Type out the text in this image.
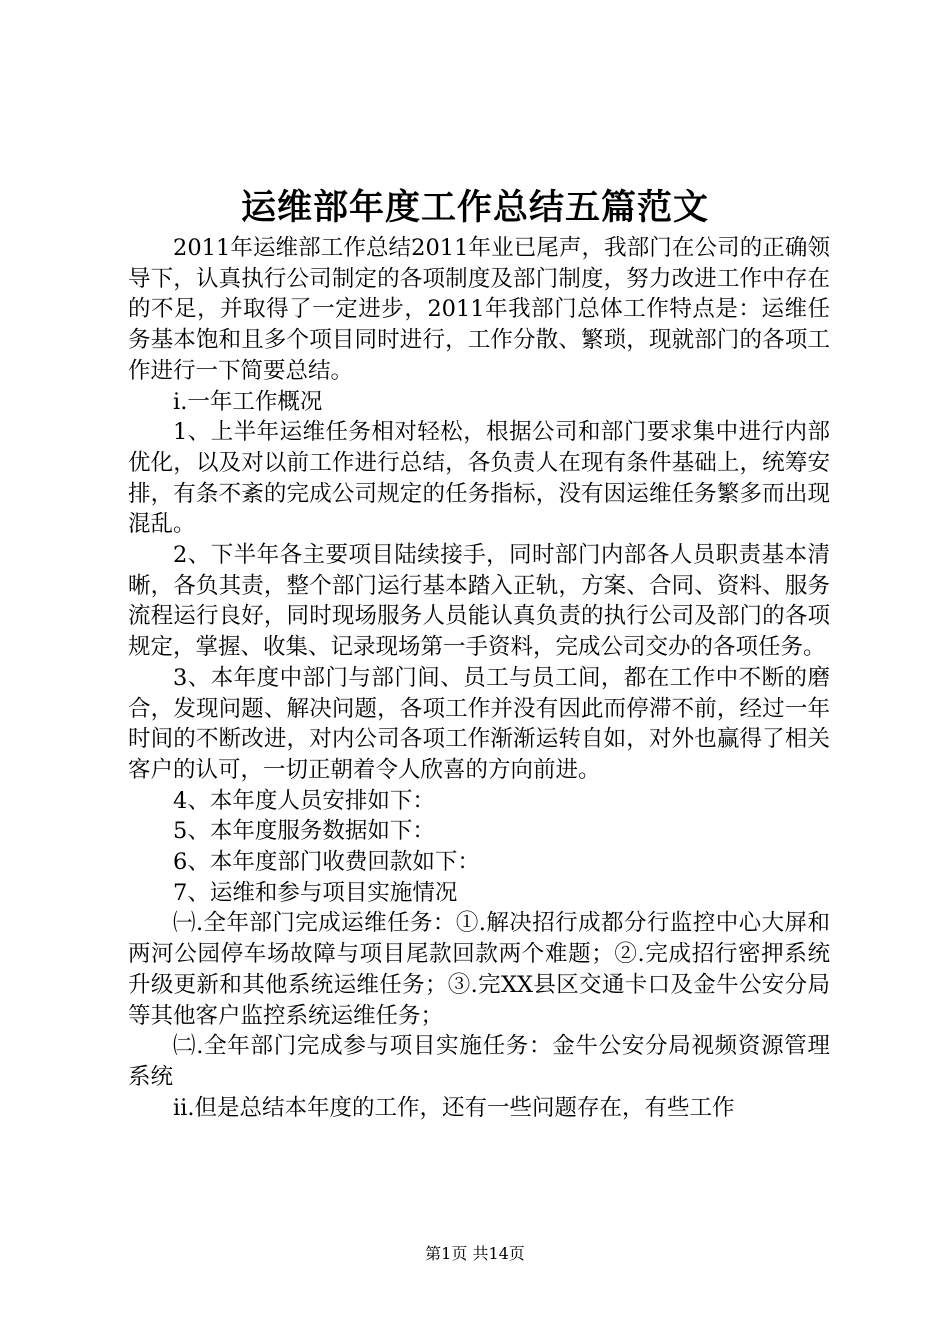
运维部年度工作总结五篇范文

2011年运维部工作总结2011年业已尾声，我部门在公司的正确领导下，认真执行公司制定的各项制度及部门制度，努力改进工作中存在的不足，并取得了一定进步，2011年我部门总体工作特点是：运维任务基本饱和且多个项目同时进行，工作分散、繁琐，现就部门的各项工作进行一下简要总结。

ⅰ.一年工作概况

1、上半年运维任务相对轻松，根据公司和部门要求集中进行内部优化，以及对以前工作进行总结，各负责人在现有条件基础上，统筹安排，有条不紊的完成公司规定的任务指标，没有因运维任务繁多而出现混乱。

2、下半年各主要项目陆续接手，同时部门内部各人员职责基本清晰，各负其责，整个部门运行基本踏入正轨，方案、合同、资料、服务流程运行良好，同时现场服务人员能认真负责的执行公司及部门的各项规定，掌握、收集、记录现场第一手资料，完成公司交办的各项任务。

3、本年度中部门与部门间、员工与员工间，都在工作中不断的磨合，发现问题、解决问题，各项工作并没有因此而停滞不前，经过一年时间的不断改进，对内公司各项工作渐渐运转自如，对外也赢得了相关客户的认可，一切正朝着令人欣喜的方向前进。

4、本年度人员安排如下：

5、本年度服务数据如下：

6、本年度部门收费回款如下：

7、运维和参与项目实施情况

㈠.全年部门完成运维任务：①.解决招行成都分行监控中心大屏和两河公园停车场故障与项目尾款回款两个难题；②.完成招行密押系统升级更新和其他系统运维任务；③.完XX县区交通卡口及金牛公安分局等其他客户监控系统运维任务；

㈡.全年部门完成参与项目实施任务：金牛公安分局视频资源管理系统

ⅱ.但是总结本年度的工作，还有一些问题存在，有些工作

第1页 共14页
